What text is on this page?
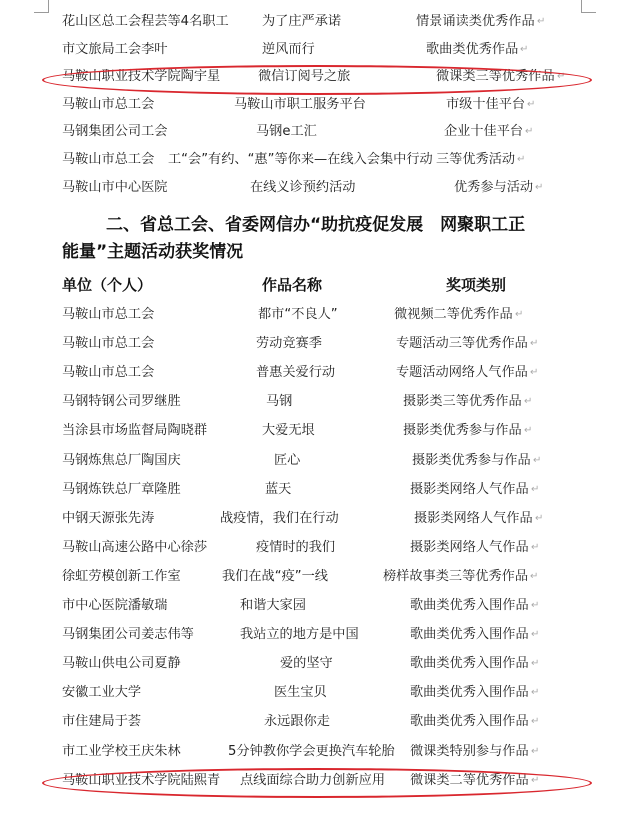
花山区总工会程芸等4名职工	为了庄严承诺	情景诵读类优秀作品 ↵
市文旅局工会李叶	逆风而行	歌曲类优秀作品 ↵
马鞍山职业技术学院陶宇星	微信订阅号之旅	微课类三等优秀作品 ↵
马鞍山市总工会	马鞍山市职工服务平台	市级十佳平台 ↵
马钢集团公司工会	马钢e工汇	企业十佳平台 ↵
马鞍山市总工会 工“会”有约、“惠”等你来—在线入会集中行动 三等优秀活动 ↵
马鞍山市中心医院	在线义诊预约活动	优秀参与活动 ↵
二、省总工会、省委网信办“助抗疫促发展　网聚职工正
能量”主题活动获奖情况
单位（个人）	作品名称	奖项类别
马鞍山市总工会	都市“不良人”	微视频二等优秀作品 ↵
马鞍山市总工会	劳动竞赛季	专题活动三等优秀作品 ↵
马鞍山市总工会	普惠关爱行动	专题活动网络人气作品 ↵
马钢特钢公司罗继胜	马钢	摄影类三等优秀作品 ↵
当涂县市场监督局陶晓群	大爱无垠	摄影类优秀参与作品 ↵
马钢炼焦总厂陶国庆	匠心	摄影类优秀参与作品 ↵
马钢炼铁总厂章隆胜	蓝天	摄影类网络人气作品 ↵
中钢天源张先涛	战疫情，我们在行动	摄影类网络人气作品 ↵
马鞍山高速公路中心徐莎	疫情时的我们	摄影类网络人气作品 ↵
徐虹劳模创新工作室	我们在战“疫”一线	榜样故事类三等优秀作品 ↵
市中心医院潘敏瑞	和谐大家园	歌曲类优秀入围作品 ↵
马钢集团公司姜志伟等	我站立的地方是中国	歌曲类优秀入围作品 ↵
马鞍山供电公司夏静	爱的坚守	歌曲类优秀入围作品 ↵
安徽工业大学	医生宝贝	歌曲类优秀入围作品 ↵
市住建局于荟	永远跟你走	歌曲类优秀入围作品 ↵
市工业学校王庆朱林	5分钟教你学会更换汽车轮胎 微课类特别参与作品 ↵
马鞍山职业技术学院陆熙青 点线面综合助力创新应用 微课类二等优秀作品 ↵
